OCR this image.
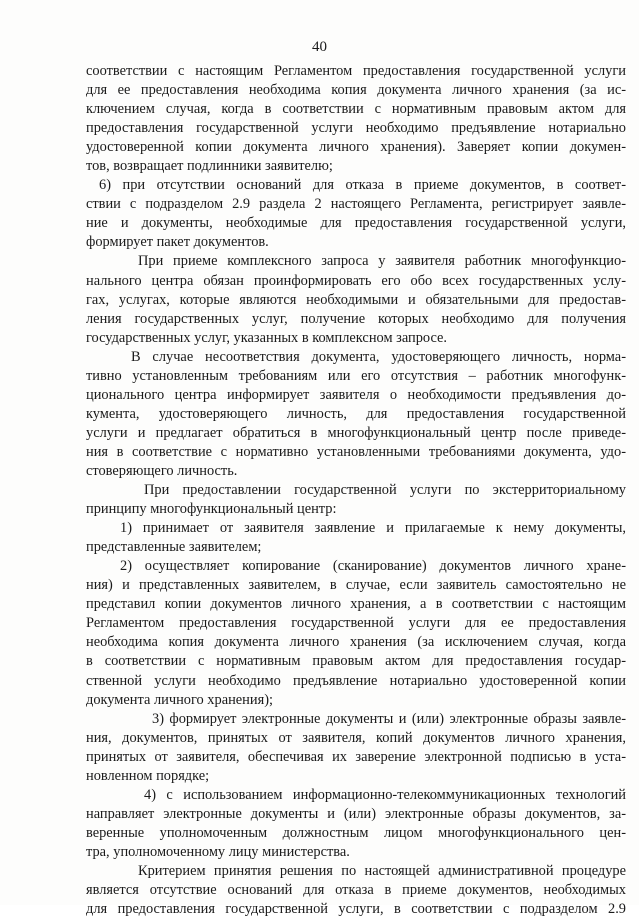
40
соответствии с настоящим Регламентом предоставления государственной услуги
для ее предоставления необходима копия документа личного хранения (за ис-
ключением случая, когда в соответствии с нормативным правовым актом для
предоставления государственной услуги необходимо предъявление нотариально
удостоверенной копии документа личного хранения). Заверяет копии докумен-
тов, возвращает подлинники заявителю;
6) при отсутствии оснований для отказа в приеме документов, в соответ-
ствии с подразделом 2.9 раздела 2 настоящего Регламента, регистрирует заявле-
ние и документы, необходимые для предоставления государственной услуги,
формирует пакет документов.
При приеме комплексного запроса у заявителя работник многофункцио-
нального центра обязан проинформировать его обо всех государственных услу-
гах, услугах, которые являются необходимыми и обязательными для предостав-
ления государственных услуг, получение которых необходимо для получения
государственных услуг, указанных в комплексном запросе.
В случае несоответствия документа, удостоверяющего личность, норма-
тивно установленным требованиям или его отсутствия – работник многофунк-
ционального центра информирует заявителя о необходимости предъявления до-
кумента, удостоверяющего личность, для предоставления государственной
услуги и предлагает обратиться в многофункциональный центр после приведе-
ния в соответствие с нормативно установленными требованиями документа, удо-
стоверяющего личность.
При предоставлении государственной услуги по экстерриториальному
принципу многофункциональный центр:
1) принимает от заявителя заявление и прилагаемые к нему документы,
представленные заявителем;
2) осуществляет копирование (сканирование) документов личного хране-
ния) и представленных заявителем, в случае, если заявитель самостоятельно не
представил копии документов личного хранения, а в соответствии с настоящим
Регламентом предоставления государственной услуги для ее предоставления
необходима копия документа личного хранения (за исключением случая, когда
в соответствии с нормативным правовым актом для предоставления государ-
ственной услуги необходимо предъявление нотариально удостоверенной копии
документа личного хранения);
3) формирует электронные документы и (или) электронные образы заявле-
ния, документов, принятых от заявителя, копий документов личного хранения,
принятых от заявителя, обеспечивая их заверение электронной подписью в уста-
новленном порядке;
4) с использованием информационно-телекоммуникационных технологий
направляет электронные документы и (или) электронные образы документов, за-
веренные уполномоченным должностным лицом многофункционального цен-
тра, уполномоченному лицу министерства.
Критерием принятия решения по настоящей административной процедуре
является отсутствие оснований для отказа в приеме документов, необходимых
для предоставления государственной услуги, в соответствии с подразделом 2.9
